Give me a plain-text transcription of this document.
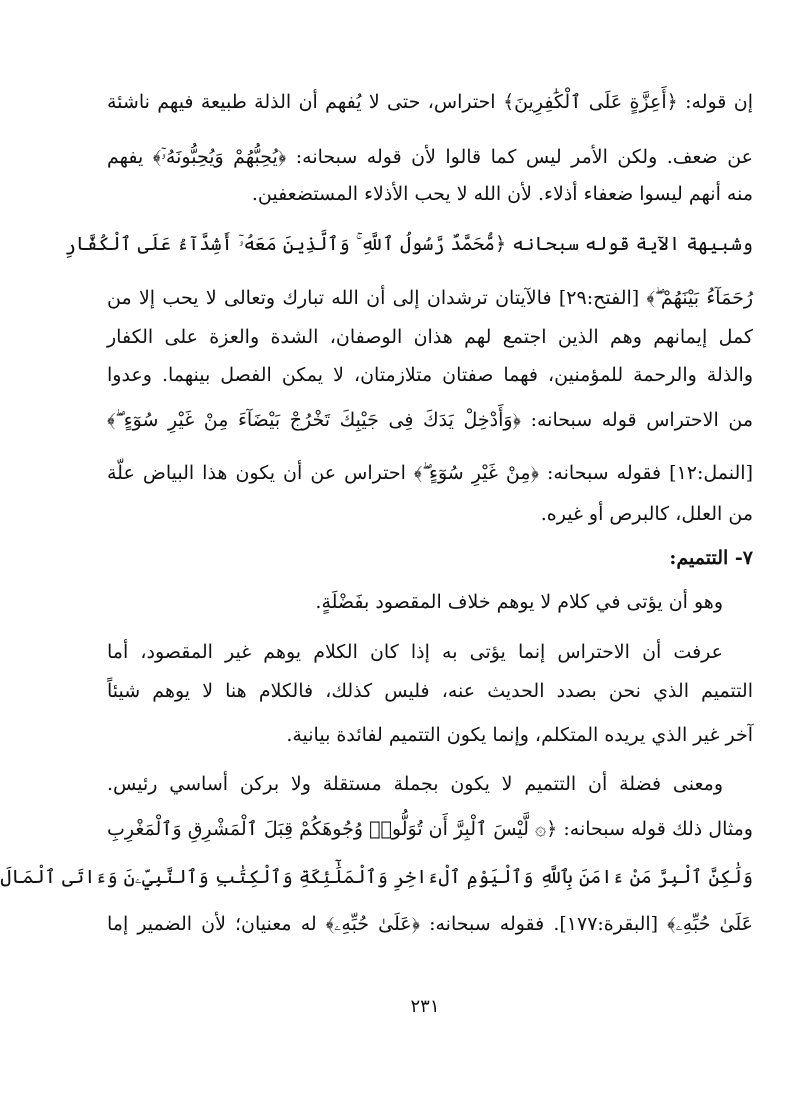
إن قوله: ﴿أَعِزَّةٍ عَلَى ٱلْكَٰفِرِينَ﴾ احتراس، حتى لا يُفهم أن الذلة طبيعة فيهم ناشئة

عن ضعف. ولكن الأمر ليس كما قالوا لأن قوله سبحانه: ﴿يُحِبُّهُمْ وَيُحِبُّونَهُۥٓ﴾ يفهم

منه أنهم ليسوا ضعفاء أذلاء. لأن الله لا يحب الأذلاء المستضعفين.

وشبيهة الآية قوله سبحانه ﴿مُّحَمَّدٌ رَّسُولُ ٱللَّهِ ۚ وَٱلَّذِينَ مَعَهُۥٓ أَشِدَّآءُ عَلَى ٱلْكُفَّارِ

رُحَمَآءُ بَيْنَهُمْ ۖ﴾ [الفتح:٢٩] فالآيتان ترشدان إلى أن الله تبارك وتعالى لا يحب إلا من

كمل إيمانهم وهم الذين اجتمع لهم هذان الوصفان، الشدة والعزة على الكفار

والذلة والرحمة للمؤمنين، فهما صفتان متلازمتان، لا يمكن الفصل بينهما. وعدوا

من الاحتراس قوله سبحانه: ﴿وَأَدْخِلْ يَدَكَ فِى جَيْبِكَ تَخْرُجْ بَيْضَآءَ مِنْ غَيْرِ سُوٓءٍ ۖ﴾

[النمل:١٢] فقوله سبحانه: ﴿مِنْ غَيْرِ سُوٓءٍ ۖ﴾ احتراس عن أن يكون هذا البياض علّة

من العلل، كالبرص أو غيره.

٧- التتميم:

وهو أن يؤتى في كلام لا يوهم خلاف المقصود بفَضْلَةٍ.

عرفت أن الاحتراس إنما يؤتى به إذا كان الكلام يوهم غير المقصود، أما

التتميم الذي نحن بصدد الحديث عنه، فليس كذلك، فالكلام هنا لا يوهم شيئاً

آخر غير الذي يريده المتكلم، وإنما يكون التتميم لفائدة بيانية.

ومعنى فضلة أن التتميم لا يكون بجملة مستقلة ولا بركن أساسي رئيس.

ومثال ذلك قوله سبحانه: ﴿۞ لَّيْسَ ٱلْبِرَّ أَن تُوَلُّوا۟ وُجُوهَكُمْ قِبَلَ ٱلْمَشْرِقِ وَٱلْمَغْرِبِ

وَلَٰكِنَّ ٱلْبِرَّ مَنْ ءَامَنَ بِٱللَّهِ وَٱلْيَوْمِ ٱلْءَاخِرِ وَٱلْمَلَٰٓئِكَةِ وَٱلْكِتَٰبِ وَٱلنَّبِيِّۦنَ وَءَاتَى ٱلْمَالَ

عَلَىٰ حُبِّهِۦ﴾ [البقرة:١٧٧]. فقوله سبحانه: ﴿عَلَىٰ حُبِّهِۦ﴾ له معنيان؛ لأن الضمير إما

٢٣١
